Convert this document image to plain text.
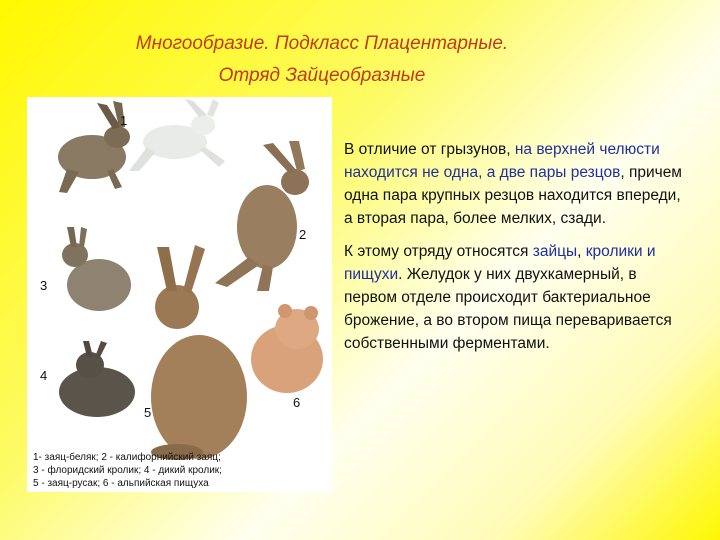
Многообразие. Подкласс Плацентарные.
Отряд Зайцеобразные
1
2
3
4
5
6
1- заяц-беляк; 2 - калифорнийский заяц;
3 - флоридский кролик; 4 - дикий кролик;
5 - заяц-русак; 6 - альпийская пищуха

В отличие от грызунов, на верхней челюсти находится не одна, а две пары резцов, причем одна пара крупных резцов находится впереди, а вторая пара, более мелких, сзади.

К этому отряду относятся зайцы, кролики и пищухи. Желудок у них двухкамерный, в первом отделе происходит бактериальное брожение, а во втором пища переваривается собственными ферментами.
